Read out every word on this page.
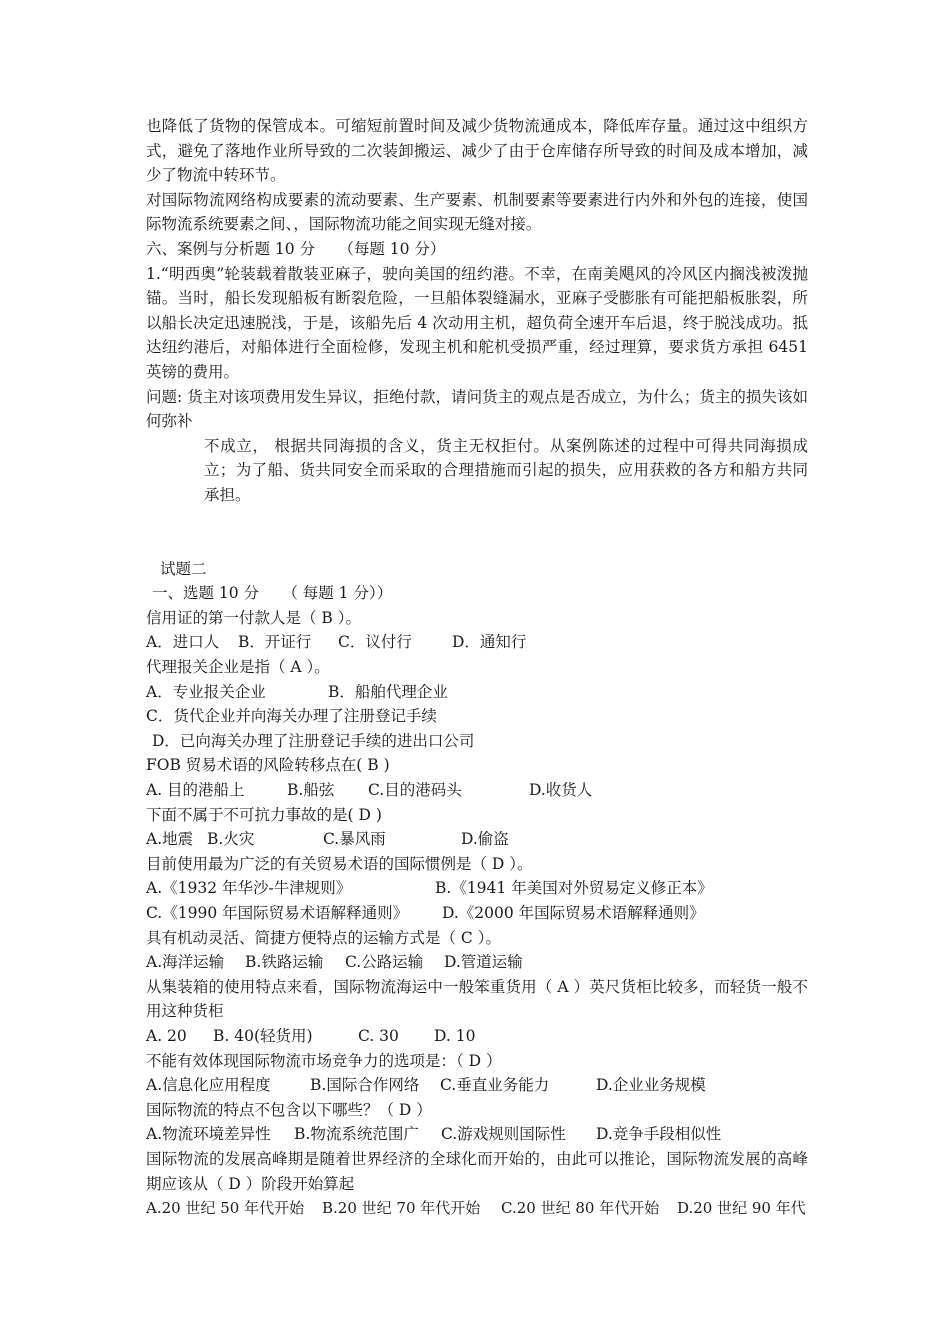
也降低了货物的保管成本。可缩短前置时间及减少货物流通成本，降低库存量。通过这中组织方式，避免了落地作业所导致的二次装卸搬运、减少了由于仓库储存所导致的时间及成本增加，减少了物流中转环节。

对国际物流网络构成要素的流动要素、生产要素、机制要素等要素进行内外和外包的连接，使国际物流系统要素之间、，国际物流功能之间实现无缝对接。

六、案例与分析题 10 分　　（每题 10 分）

1.“明西奥”轮装载着散装亚麻子，驶向美国的纽约港。不幸，在南美飓风的冷风区内搁浅被泼抛锚。当时，船长发现船板有断裂危险，一旦船体裂缝漏水，亚麻子受膨胀有可能把船板胀裂，所以船长决定迅速脱浅，于是，该船先后 4 次动用主机，超负荷全速开车后退，终于脱浅成功。抵达纽约港后，对船体进行全面检修，发现主机和舵机受损严重，经过理算，要求货方承担 6451 英镑的费用。

问题: 货主对该项费用发生异议，拒绝付款，请问货主的观点是否成立，为什么；货主的损失该如何弥补

不成立， 根据共同海损的含义，货主无权拒付。从案例陈述的过程中可得共同海损成立；为了船、货共同安全而采取的合理措施而引起的损失，应用获救的各方和船方共同承担。

试题二

一、选题 10 分　　（ 每题 1 分））

信用证的第一付款人是（ B ）。

A．进口人	B．开证行	C．议付行	D．通知行

代理报关企业是指（ A ）。

A．专业报关企业	B．船舶代理企业

C．货代企业并向海关办理了注册登记手续

D．已向海关办理了注册登记手续的进出口公司

FOB 贸易术语的风险转移点在( B )

A. 目的港船上	B.船弦	C.目的港码头	D.收货人

下面不属于不可抗力事故的是( D )

A.地震 B.火灾	C.暴风雨	D.偷盗

目前使用最为广泛的有关贸易术语的国际惯例是（ D ）。

A.《1932 年华沙-牛津规则》	B.《1941 年美国对外贸易定义修正本》
C.《1990 年国际贸易术语解释通则》	D.《2000 年国际贸易术语解释通则》

具有机动灵活、简捷方便特点的运输方式是（ C ）。

A.海洋运输	B.铁路运输	C.公路运输	D.管道运输

从集装箱的使用特点来看，国际物流海运中一般笨重货用（ A ）英尺货柜比较多，而轻货一般不用这种货柜

A. 20	B. 40(轻货用)	C. 30	D. 10

不能有效体现国际物流市场竞争力的选项是：（ D ）

A.信息化应用程度	B.国际合作网络	C.垂直业务能力	D.企业业务规模

国际物流的特点不包含以下哪些？（ D ）

A.物流环境差异性	B.物流系统范围广	C.游戏规则国际性	D.竞争手段相似性

国际物流的发展高峰期是随着世界经济的全球化而开始的，由此可以推论，国际物流发展的高峰期应该从（ D ）阶段开始算起

A.20 世纪 50 年代开始	B.20 世纪 70 年代开始	C.20 世纪 80 年代开始	D.20 世纪 90 年代
